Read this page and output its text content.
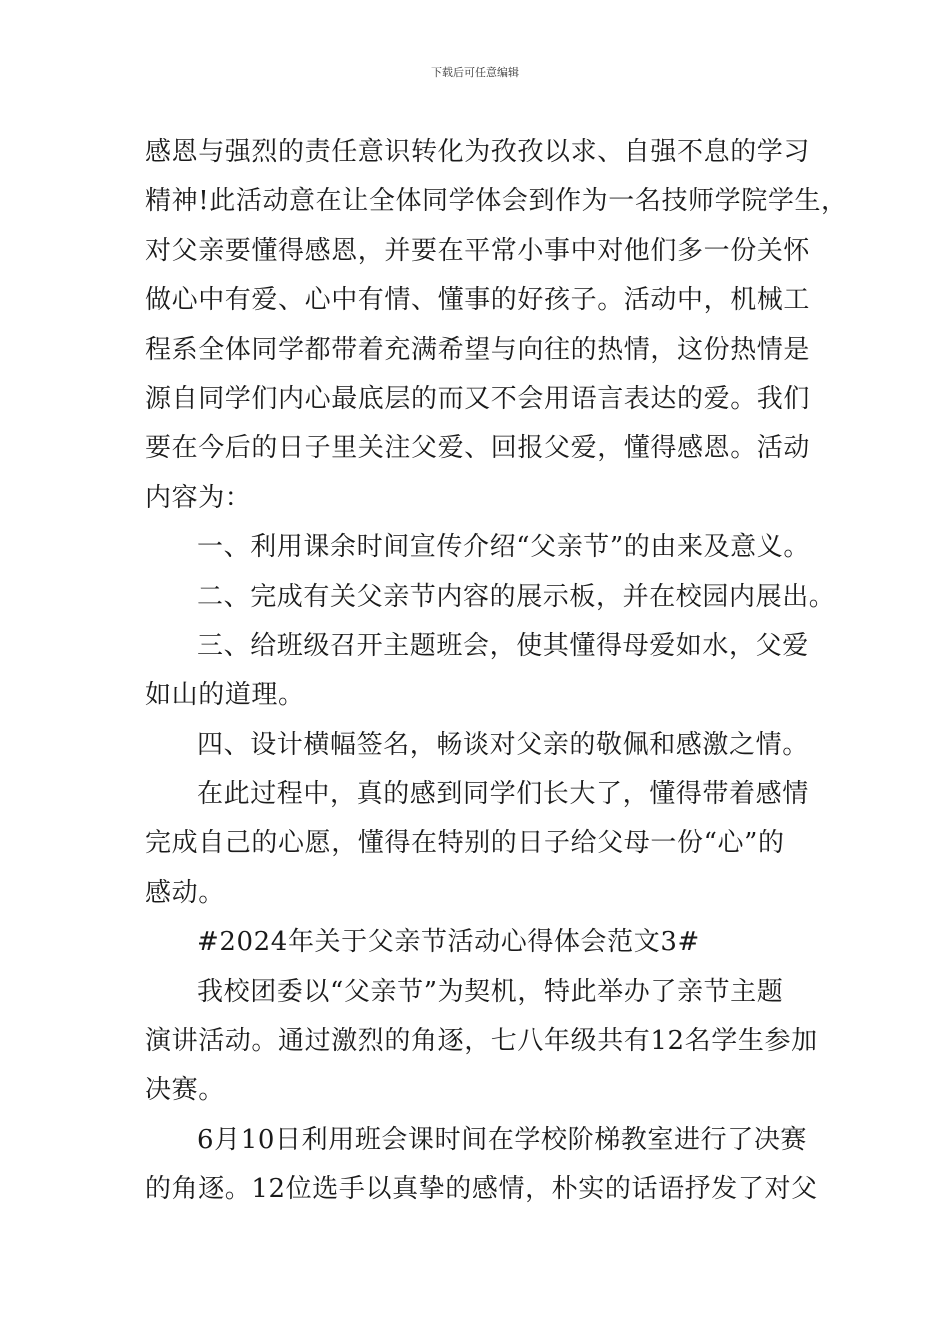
下载后可任意编辑
感恩与强烈的责任意识转化为孜孜以求、自强不息的学习
精神!此活动意在让全体同学体会到作为一名技师学院学生，
对父亲要懂得感恩，并要在平常小事中对他们多一份关怀
做心中有爱、心中有情、懂事的好孩子。活动中，机械工
程系全体同学都带着充满希望与向往的热情，这份热情是
源自同学们内心最底层的而又不会用语言表达的爱。我们
要在今后的日子里关注父爱、回报父爱，懂得感恩。活动
内容为：
一、利用课余时间宣传介绍“父亲节”的由来及意义。
二、完成有关父亲节内容的展示板，并在校园内展出。
三、给班级召开主题班会，使其懂得母爱如水，父爱
如山的道理。
四、设计横幅签名，畅谈对父亲的敬佩和感激之情。
在此过程中，真的感到同学们长大了，懂得带着感情
完成自己的心愿，懂得在特别的日子给父母一份“心”的
感动。
#2024年关于父亲节活动心得体会范文3#
我校团委以“父亲节”为契机，特此举办了亲节主题
演讲活动。通过激烈的角逐，七八年级共有12名学生参加
决赛。
6月10日利用班会课时间在学校阶梯教室进行了决赛
的角逐。12位选手以真挚的感情，朴实的话语抒发了对父
